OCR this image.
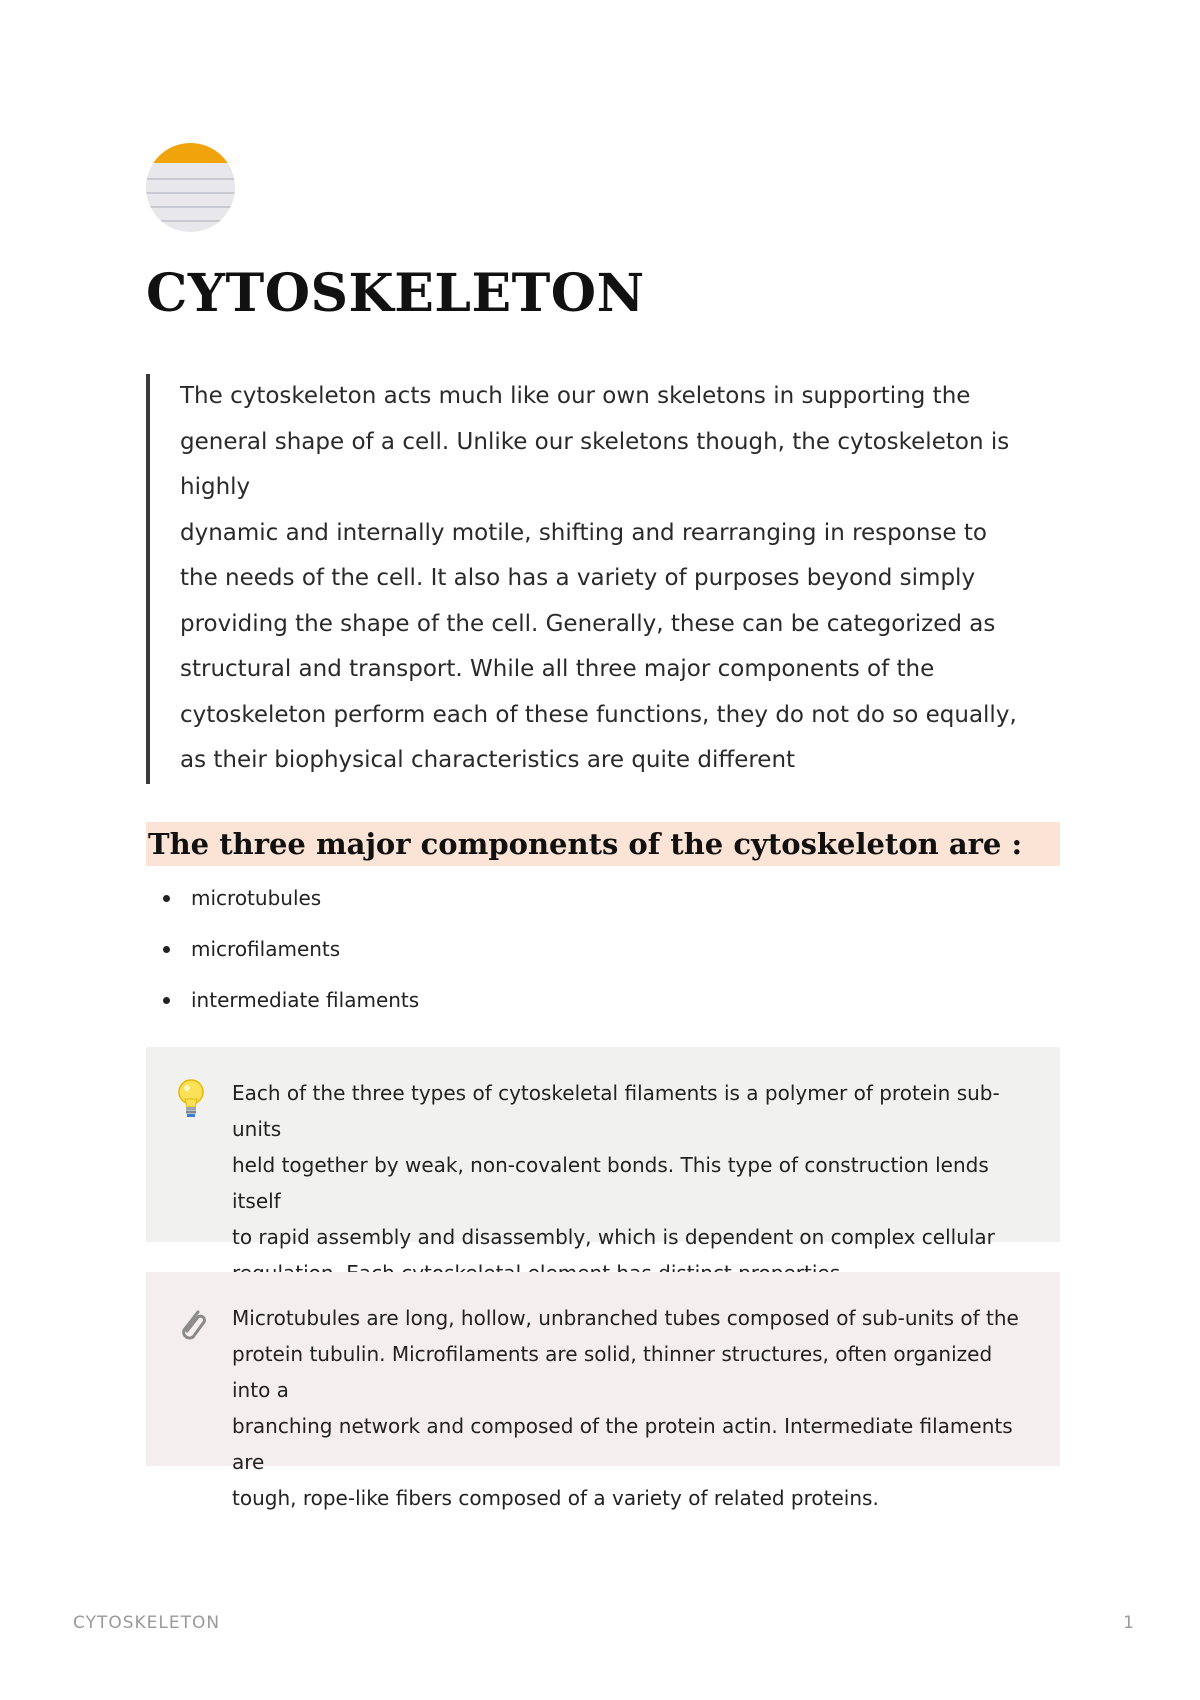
CYTOSKELETON

The cytoskeleton acts much like our own skeletons in supporting the
general shape of a cell. Unlike our skeletons though, the cytoskeleton is
highly
dynamic and internally motile, shifting and rearranging in response to
the needs of the cell. It also has a variety of purposes beyond simply
providing the shape of the cell. Generally, these can be categorized as
structural and transport. While all three major components of the
cytoskeleton perform each of these functions, they do not do so equally,
as their biophysical characteristics are quite different

The three major components of the cytoskeleton are :
microtubules
microfilaments
intermediate filaments

Each of the three types of cytoskeletal filaments is a polymer of protein sub-units
held together by weak, non-covalent bonds. This type of construction lends itself
to rapid assembly and disassembly, which is dependent on complex cellular

Microtubules are long, hollow, unbranched tubes composed of sub-units of the
protein tubulin. Microfilaments are solid, thinner structures, often organized into a
branching network and composed of the protein actin. Intermediate filaments are
tough, rope-like fibers composed of a variety of related proteins.

CYTOSKELETON	1
